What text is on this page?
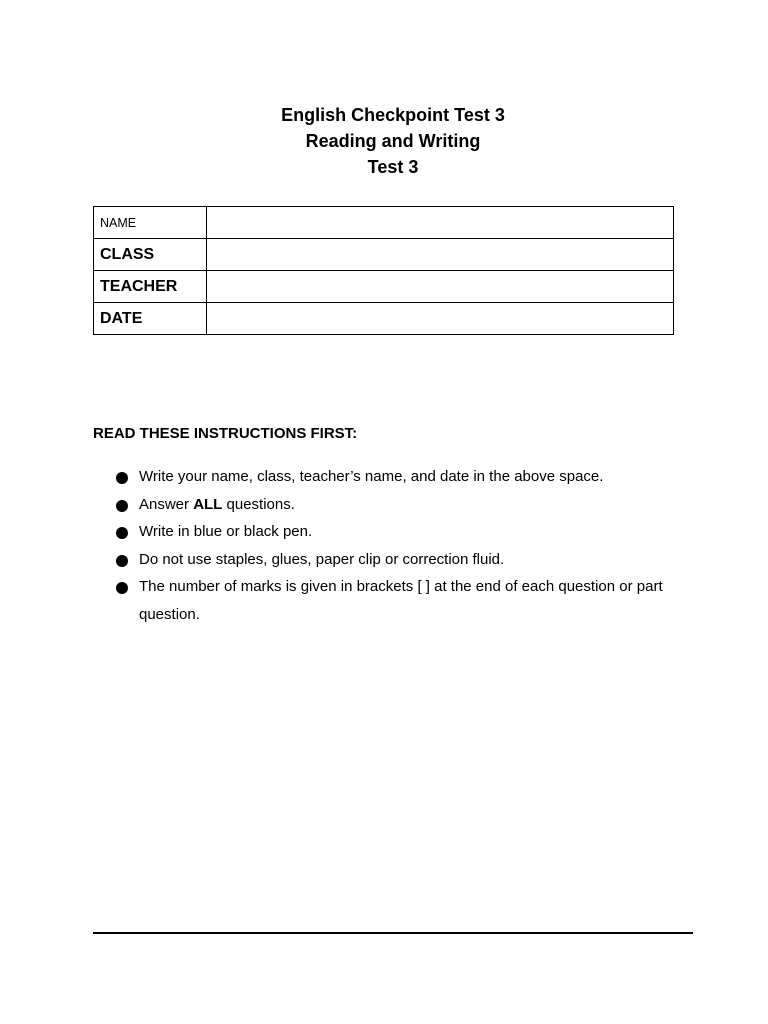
English Checkpoint Test 3
Reading and Writing
Test 3
NAME	
CLASS	
TEACHER	
DATE	
READ THESE INSTRUCTIONS FIRST:
Write your name, class, teacher’s name, and date in the above space.
Answer ALL questions.
Write in blue or black pen.
Do not use staples, glues, paper clip or correction fluid.
The number of marks is given in brackets [ ] at the end of each question or part question.
